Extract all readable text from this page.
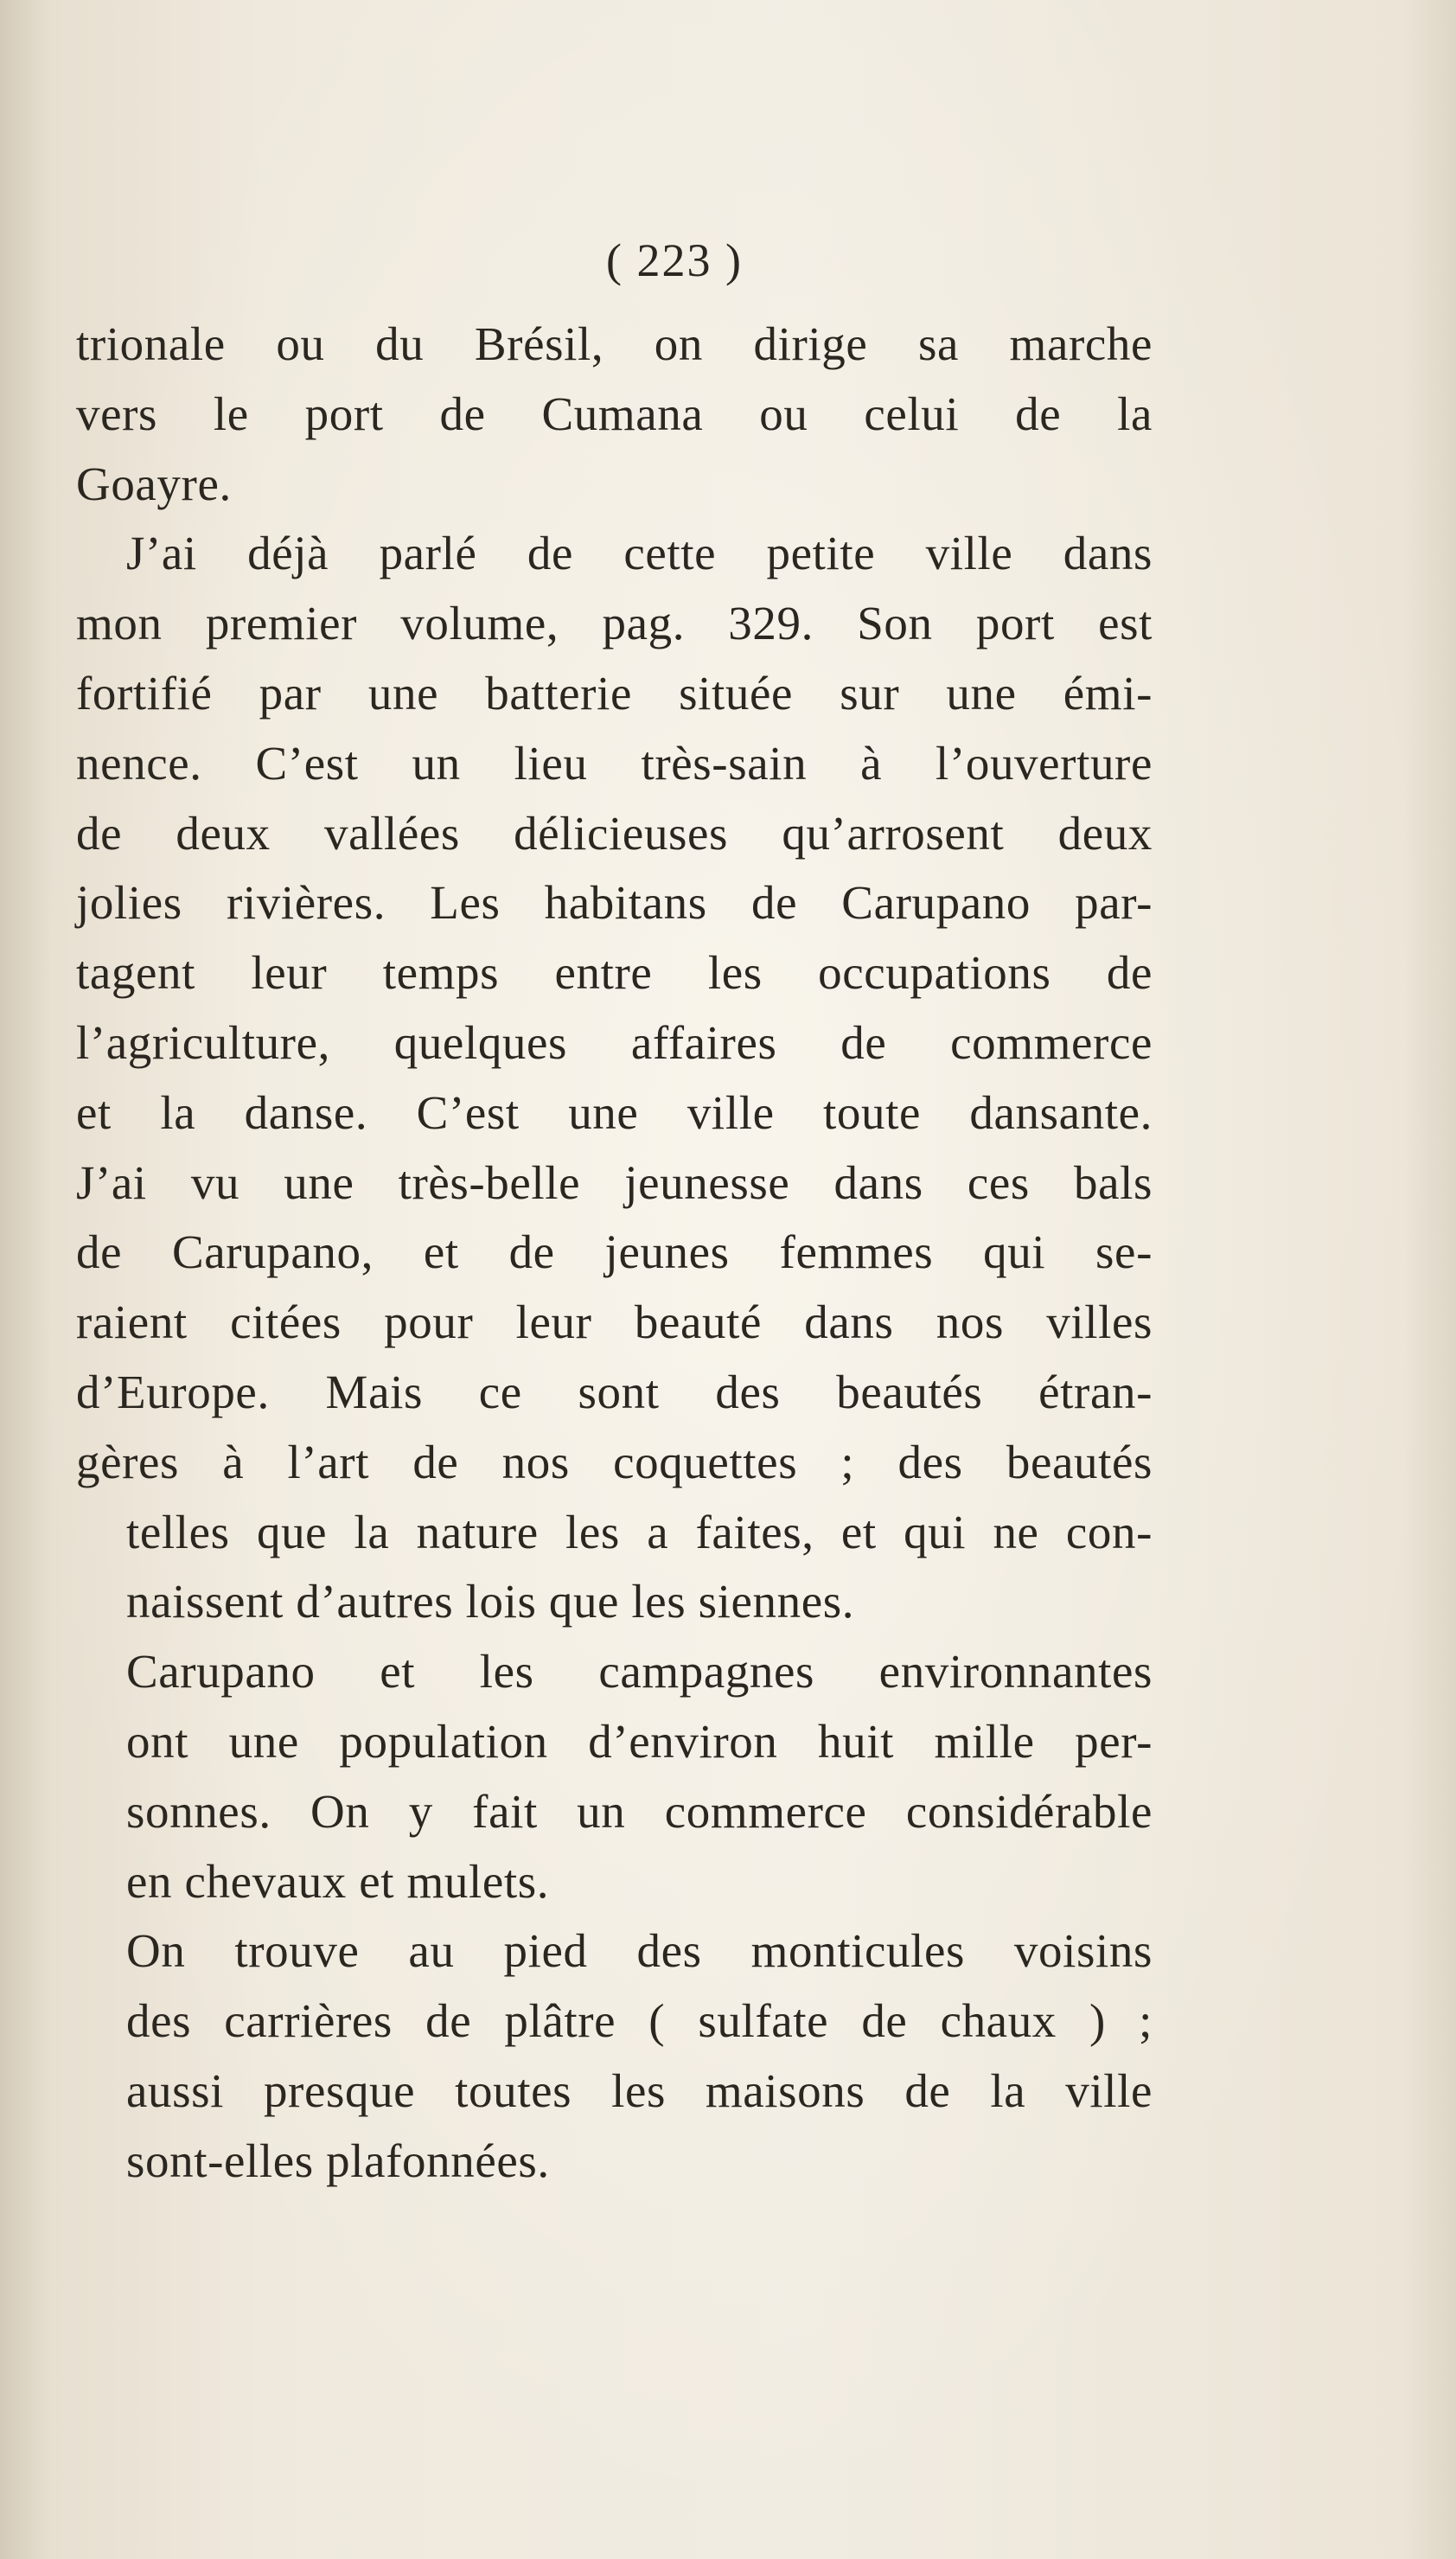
( 223 )
trionale ou du Brésil, on dirige sa marche
vers le port de Cumana ou celui de la
Goayre.
J’ai déjà parlé de cette petite ville dans
mon premier volume, pag. 329. Son port est
fortifié par une batterie située sur une émi-
nence. C’est un lieu très-sain à l’ouverture
de deux vallées délicieuses qu’arrosent deux
jolies rivières. Les habitans de Carupano par-
tagent leur temps entre les occupations de
l’agriculture, quelques affaires de commerce
et la danse. C’est une ville toute dansante.
J’ai vu une très-belle jeunesse dans ces bals
de Carupano, et de jeunes femmes qui se-
raient citées pour leur beauté dans nos villes
d’Europe. Mais ce sont des beautés étran-
gères à l’art de nos coquettes ; des beautés
telles que la nature les a faites, et qui ne con-
naissent d’autres lois que les siennes.
Carupano et les campagnes environnantes
ont une population d’environ huit mille per-
sonnes. On y fait un commerce considérable
en chevaux et mulets.
On trouve au pied des monticules voisins
des carrières de plâtre ( sulfate de chaux ) ;
aussi presque toutes les maisons de la ville
sont-elles plafonnées.
